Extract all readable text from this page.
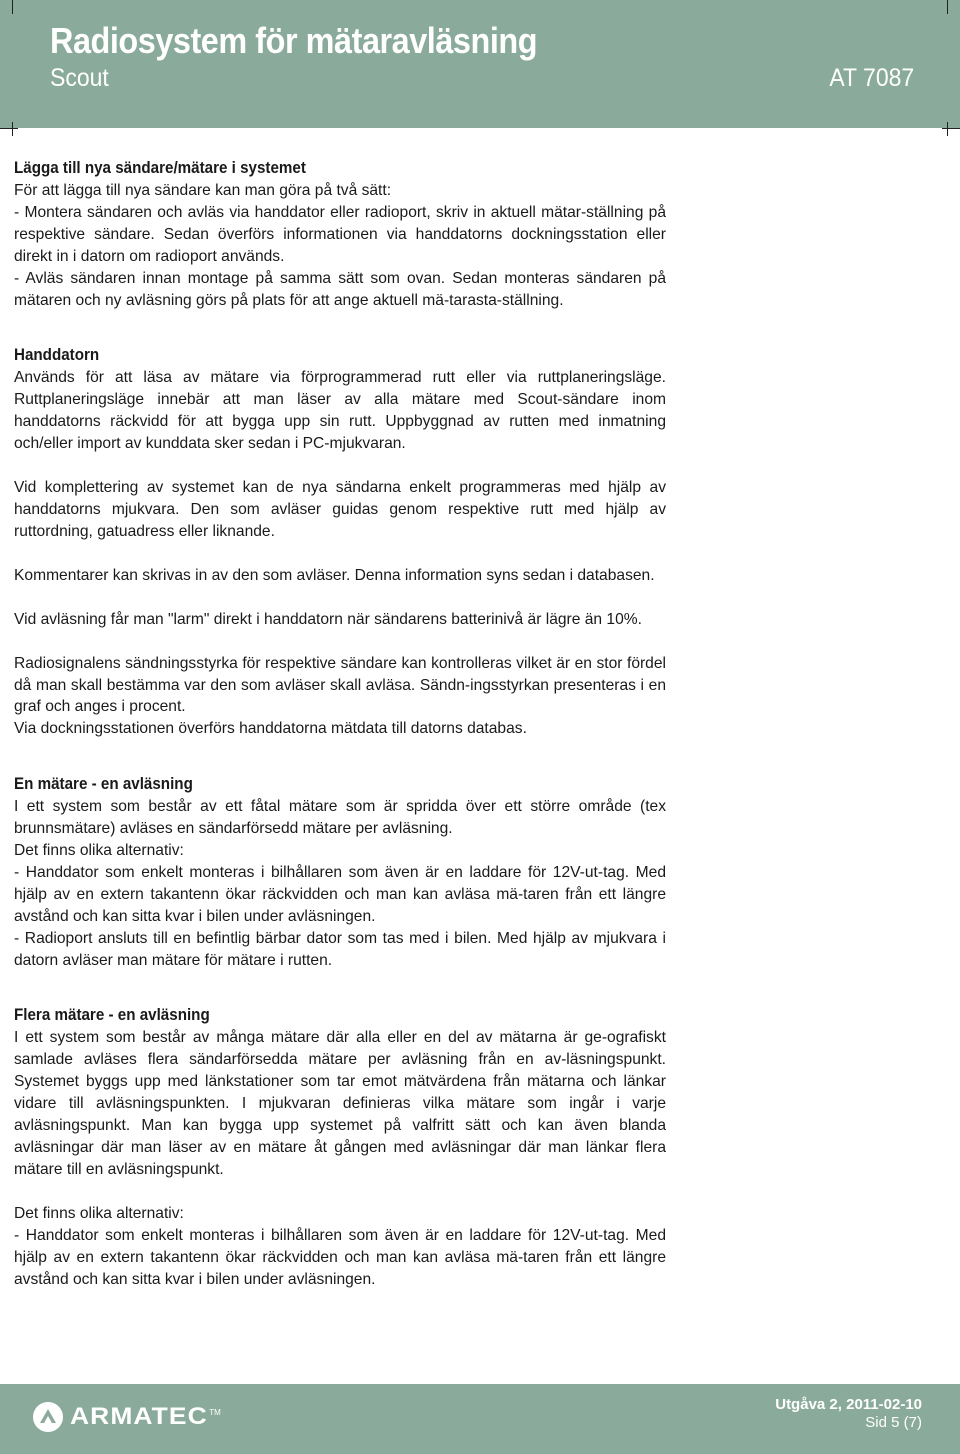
Radiosystem för mätaravläsning
Scout	AT 7087
Lägga till nya sändare/mätare i systemet

För att lägga till nya sändare kan man göra på två sätt:

- Montera sändaren och avläs via handdator eller radioport, skriv in aktuell mätar-ställning på respektive sändare. Sedan överförs informationen via handdatorns dockningsstation eller direkt in i datorn om radioport används.

- Avläs sändaren innan montage på samma sätt som ovan. Sedan monteras sändaren på mätaren och ny avläsning görs på plats för att ange aktuell mä-tarasta-ställning.

Handdatorn

Används för att läsa av mätare via förprogrammerad rutt eller via ruttplaneringsläge. Ruttplaneringsläge innebär att man läser av alla mätare med Scout-sändare inom handdatorns räckvidd för att bygga upp sin rutt. Uppbyggnad av rutten med inmatning och/eller import av kunddata sker sedan i PC-mjukvaran.

Vid komplettering av systemet kan de nya sändarna enkelt programmeras med hjälp av handdatorns mjukvara. Den som avläser guidas genom respektive rutt med hjälp av ruttordning, gatuadress eller liknande.

Kommentarer kan skrivas in av den som avläser. Denna information syns sedan i databasen.

Vid avläsning får man "larm" direkt i handdatorn när sändarens batterinivå är lägre än 10%.

Radiosignalens sändningsstyrka för respektive sändare kan kontrolleras vilket är en stor fördel då man skall bestämma var den som avläser skall avläsa. Sändn-ingsstyrkan presenteras i en graf och anges i procent.

Via dockningsstationen överförs handdatorna mätdata till datorns databas.

En mätare - en avläsning

I ett system som består av ett fåtal mätare som är spridda över ett större område (tex brunnsmätare) avläses en sändarförsedd mätare per avläsning.

Det finns olika alternativ:

- Handdator som enkelt monteras i bilhållaren som även är en laddare för 12V-ut-tag. Med hjälp av en extern takantenn ökar räckvidden och man kan avläsa mä-taren från ett längre avstånd och kan sitta kvar i bilen under avläsningen.

- Radioport ansluts till en befintlig bärbar dator som tas med i bilen. Med hjälp av mjukvara i datorn avläser man mätare för mätare i rutten.

Flera mätare - en avläsning

I ett system som består av många mätare där alla eller en del av mätarna är ge-ografiskt samlade avläses flera sändarförsedda mätare per avläsning från en av-läsningspunkt. Systemet byggs upp med länkstationer som tar emot mätvärdena från mätarna och länkar vidare till avläsningspunkten. I mjukvaran definieras vilka mätare som ingår i varje avläsningspunkt. Man kan bygga upp systemet på valfritt sätt och kan även blanda avläsningar där man läser av en mätare åt gången med avläsningar där man länkar flera mätare till en avläsningspunkt.

Det finns olika alternativ:

- Handdator som enkelt monteras i bilhållaren som även är en laddare för 12V-ut-tag. Med hjälp av en extern takantenn ökar räckvidden och man kan avläsa mä-taren från ett längre avstånd och kan sitta kvar i bilen under avläsningen.

ARMATEC TM	Utgåva 2, 2011-02-10
Sid 5 (7)
